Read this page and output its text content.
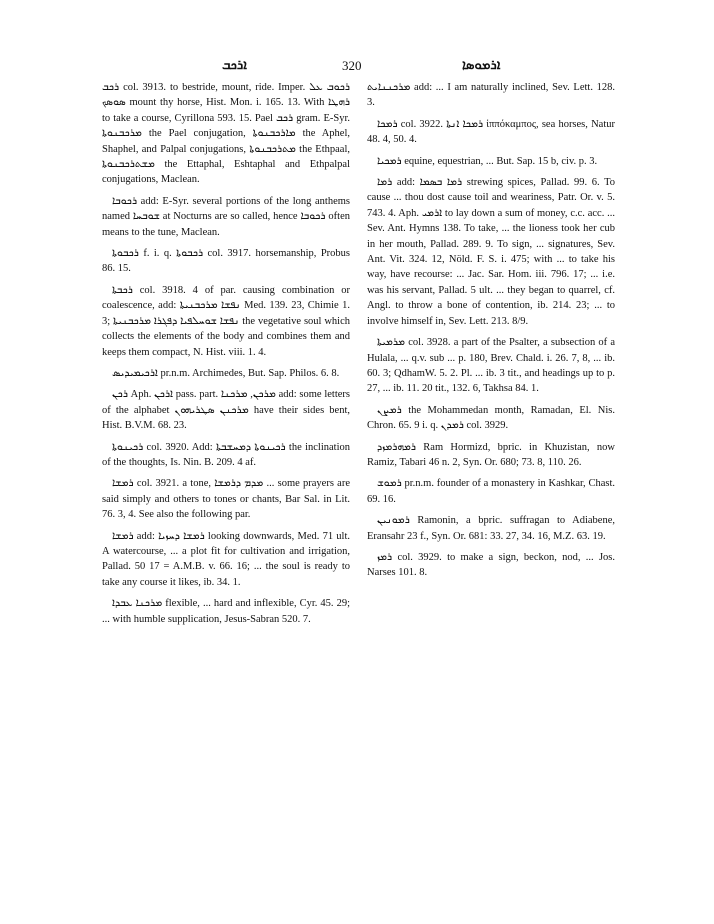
ܐܪܟܒ	320	ܐܪܡܘܣܐ

ܪܟܒ col. 3913. to bestride, mount, ride. Imper. ܪܟܘܒ ܥܠ ܣܘܣܟ mount thy horse, Hist. Mon. i. 165. 13. With ܪܗܛܐ to take a course, Cyrillona 593. 15. Pael ܪܟܒ gram. E-Syr. ܡܪܟܒܢܘܬܐ the Pael conjugation, ܡܐܪܟܒܢܘܬܐ the Aphel, Shaphel, and Palpal conjugations, ܡܬܪܟܒܢܘܬܐ the Ethpaal, ܡܫܬܪܟܒܢܘܬܐ the Ettaphal, Eshtaphal and Ethpalpal conjugations, Maclean.

ܪܟܘܒܐ add: E-Syr. several portions of the long anthems named ܫܘܒܚܐ at Nocturns are so called, hence ܪܟܘܒܐ often means to the tune, Maclean.

ܪܟܒܘܬܐ f. i. q. ܪܟܒܘܬܐ col. 3917. horsemanship, Probus 86. 15.

ܪܟܒܬܐ col. 3918. 4 of par. causing combination or coalescence, add: ܢܦܫܐ ܡܪܟܒܢܝܬܐ Med. 139. 23, Chimie 1. 3; ܢܦܫܐ ܫܘܚܠܦܝܐ ܕܦܓܪܐ ܡܪܟܒܢܝܬܐ the vegetative soul which collects the elements of the body and combines them and keeps them compact, N. Hist. viii. 1. 4.

ܐܪܟܝܡܝܕܝܣ pr.n.m. Archimedes, But. Sap. Philos. 6. 8.

ܪܟܢ Aph. ܐܪܟܢ pass. part. ܡܪܟܢ, ܡܪܟܢܐ add: some letters of the alphabet ܡܪܟܢܢ ܣܛܪܝܗܘܢ have their sides bent, Hist. B.V.M. 68. 23.

ܪܟܝܢܘܬܐ col. 3920. Add: ܪܟܝܢܘܬܐ ܕܡܚܫܒܬܐ the inclination of the thoughts, Is. Nin. B. 209. 4 af.

ܪܡܫܐ col. 3921. a tone, ܡܕܡ ܕܪܡܫܐ ... some prayers are said simply and others to tones or chants, Bar Sal. in Lit. 76. 3, 4. See also the following par.

ܪܡܫܐ add: ܪܡܫܐ ܕܚܙܝܐ looking downwards, Med. 71 ult. A watercourse, ... a plot fit for cultivation and irrigation, Pallad. 50 17 = A.M.B. v. 66. 16; ... the soul is ready to take any course it likes, ib. 34. 1.

ܡܪܟܢܐ ܥܒܕܐ flexible, ... hard and inflexible, Cyr. 45. 29; ... with humble supplication, Jesus-Sabran 520. 7.

ܡܪܟܢܢܐܝܬ add: ... I am naturally inclined, Sev. Lett. 128. 3.

ܪܡܟܐ col. 3922. ܪܡܟܐ ܐܢܬܐ ἱππόκαμπος, sea horses, Natur 48. 4, 50. 4.

ܪܡܟܝܐ equine, equestrian, ... But. Sap. 15 b, civ. p. 3.

ܪܡܐ add: ܪܡܐ ܒܣܡܐ strewing spices, Pallad. 99. 6. To cause ... thou dost cause toil and weariness, Patr. Or. v. 5. 743. 4. Aph. ܐܪܡܝ to lay down a sum of money, c.c. acc. ... Sev. Ant. Hymns 138. To take, ... the lioness took her cub in her mouth, Pallad. 289. 9. To sign, ... signatures, Sev. Ant. Vit. 324. 12, Nöld. F. S. i. 475; with ... to take his way, have recourse: ... Jac. Sar. Hom. iii. 796. 17; ... i.e. was his servant, Pallad. 5 ult. ... they began to quarrel, cf. Angl. to throw a bone of contention, ib. 214. 23; ... to involve himself in, Sev. Lett. 213. 8/9.

ܡܪܡܝܬܐ col. 3928. a part of the Psalter, a subsection of a Hulala, ... q.v. sub ... p. 180, Brev. Chald. i. 26. 7, 8, ... ib. 60. 3; QdhamW. 5. 2. Pl. ... ib. 3 tit., and headings up to p. 27, ... ib. 11. 20 tit., 132. 6, Takhsa 84. 1.

ܪܡܨܢ the Mohammedan month, Ramadan, El. Nis. Chron. 65. 9 i. q. ܪܡܕܢ col. 3929.

ܪܡܗܪܡܙܕ Ram Hormizd, bpric. in Khuzistan, now Ramiz, Tabari 46 n. 2, Syn. Or. 680; 73. 8, 110. 26.

ܪܡܘܫ pr.n.m. founder of a monastery in Kashkar, Chast. 69. 16.

ܪܡܘܢܝܢ Ramonin, a bpric. suffragan to Adiabene, Eransahr 23 f., Syn. Or. 681: 33. 27, 34. 16, M.Z. 63. 19.

ܪܡܙ col. 3929. to make a sign, beckon, nod, ... Jos. Narses 101. 8.
